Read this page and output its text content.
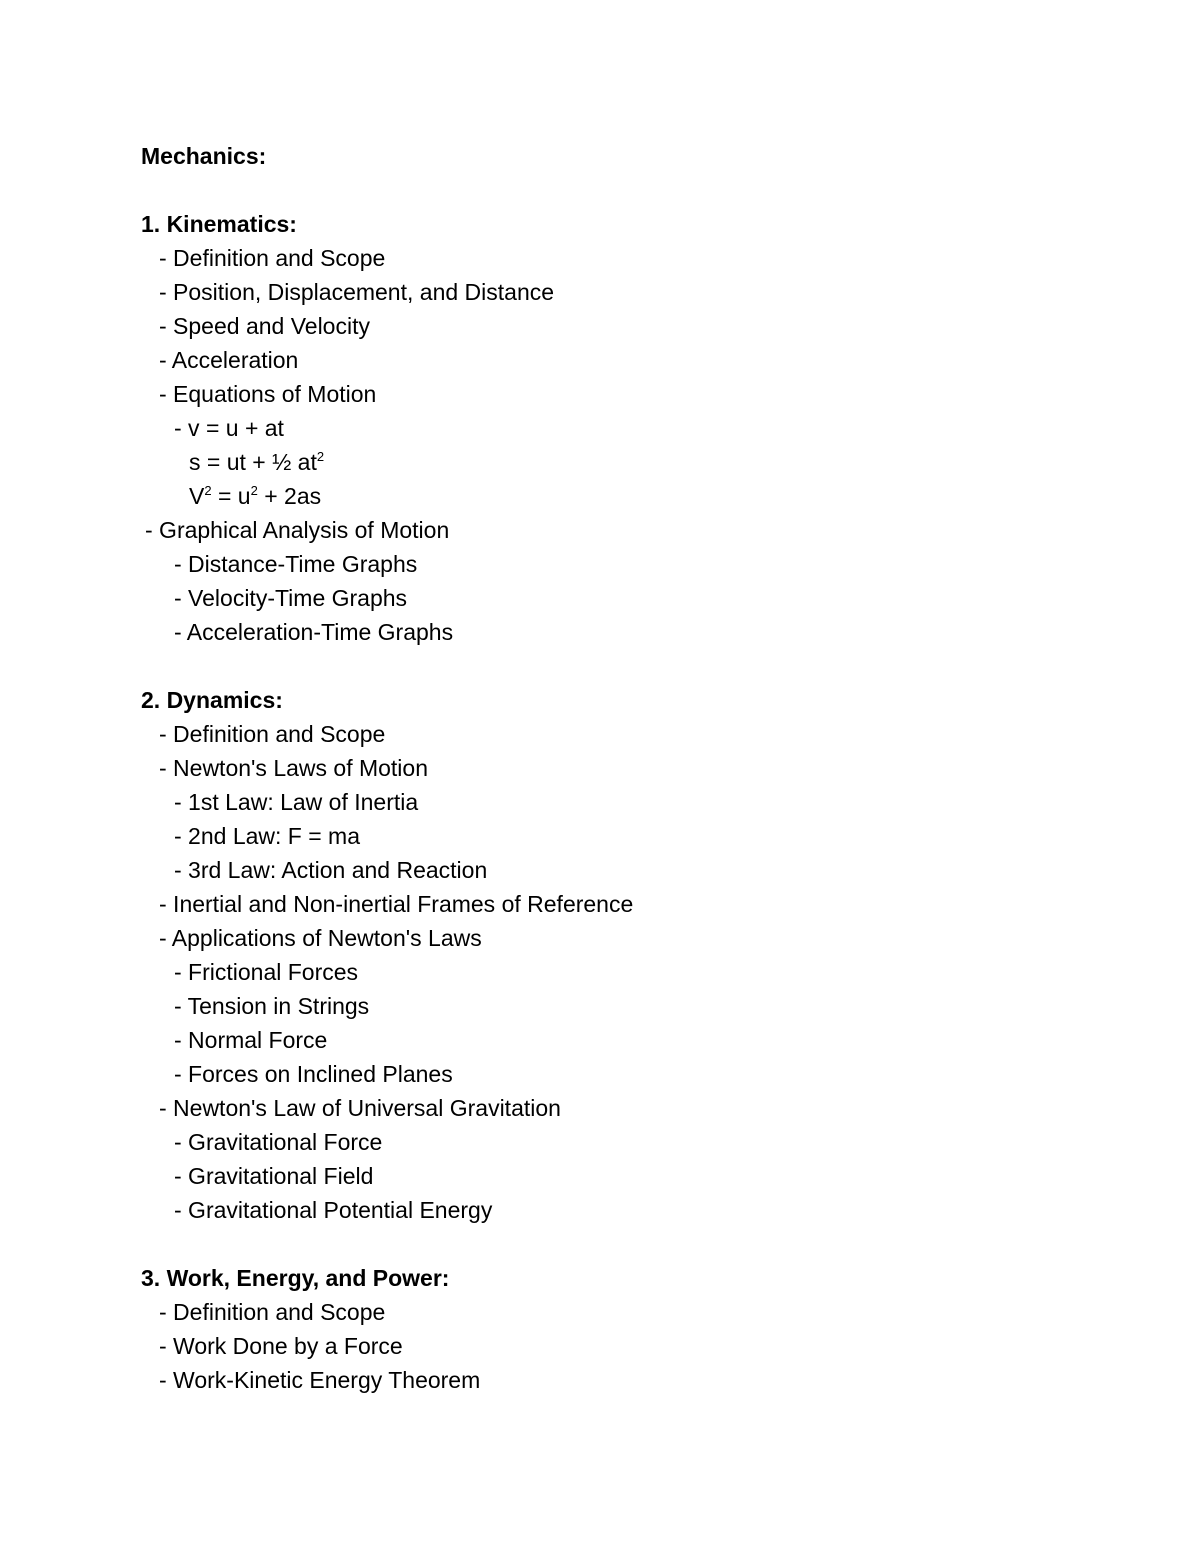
Mechanics:
1. Kinematics:
- Definition and Scope
- Position, Displacement, and Distance
- Speed and Velocity
- Acceleration
- Equations of Motion
- v = u + at
s = ut + ½ $at^2$
$V^2 = u^2 + 2as$
- Graphical Analysis of Motion
- Distance-Time Graphs
- Velocity-Time Graphs
- Acceleration-Time Graphs
2. Dynamics:
- Definition and Scope
- Newton's Laws of Motion
- 1st Law: Law of Inertia
- 2nd Law: F = ma
- 3rd Law: Action and Reaction
- Inertial and Non-inertial Frames of Reference
- Applications of Newton's Laws
- Frictional Forces
- Tension in Strings
- Normal Force
- Forces on Inclined Planes
- Newton's Law of Universal Gravitation
- Gravitational Force
- Gravitational Field
- Gravitational Potential Energy
3. Work, Energy, and Power:
- Definition and Scope
- Work Done by a Force
- Work-Kinetic Energy Theorem
